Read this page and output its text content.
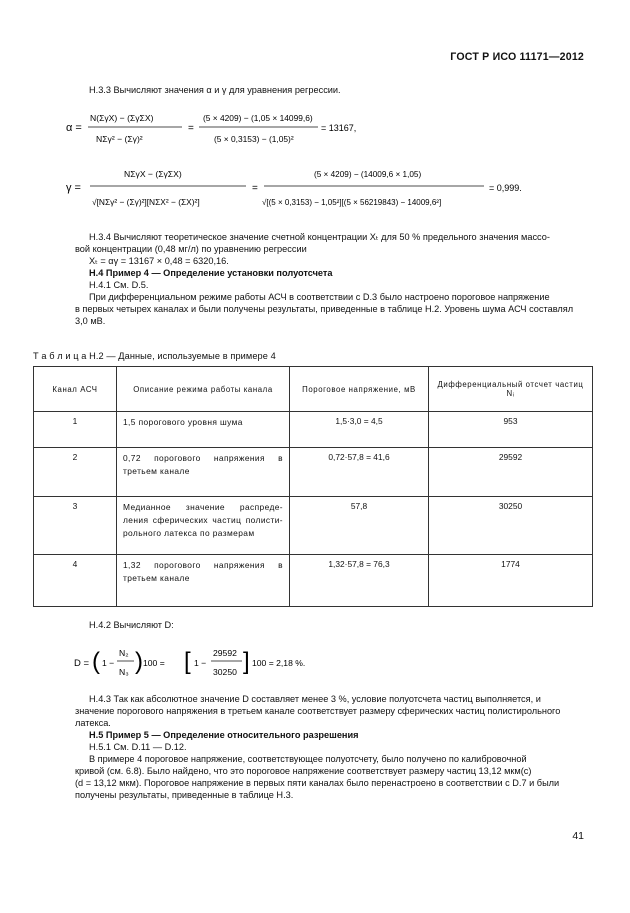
ГОСТ Р ИСО 11171—2012
H.3.3 Вычисляют значения α и γ для уравнения регрессии.
α =
N(ΣγX) − (ΣγΣX)
NΣγ² − (Σγ)²
=
(5 × 4209) − (1,05 × 14099,6)
(5 × 0,3153) − (1,05)²
= 13167,
γ =
NΣγX − (ΣγΣX)
√[NΣγ² − (Σγ)²][NΣX² − (ΣX)²]
=
(5 × 4209) − (14009,6 × 1,05)
√[(5 × 0,3153) − 1,05²][(5 × 56219843) − 14009,6²]
= 0,999.
H.3.4 Вычисляют теоретическое значение счетной концентрации Xₜ для 50 % предельного значения массо-
вой концентрации (0,48 мг/л) по уравнению регрессии
Xₜ = αγ = 13167 × 0,48 = 6320,16.
H.4 Пример 4 — Определение установки полуотсчета
H.4.1 См. D.5.
При дифференциальном режиме работы АСЧ в соответствии с D.3 было настроено пороговое напряжение
в первых четырех каналах и были получены результаты, приведенные в таблице H.2. Уровень шума АСЧ составлял
3,0 мВ.
Т а б л и ц а H.2 — Данные, используемые в примере 4
Канал АСЧ	Описание режима работы канала	Пороговое напряжение, мВ	Дифференциальный отсчет частиц Nᵢ
1	1,5 порогового уровня шума	1,5·3,0 = 4,5	953
2	0,72 порогового напряжения в третьем канале	0,72·57,8 = 41,6	29592
3	Медианное значение распреде-ления сферических частиц полисти-рольного латекса по размерам	57,8	30250
4	1,32 порогового напряжения в третьем канале	1,32·57,8 = 76,3	1774
H.4.2 Вычисляют D:
D = ( 1 −
N₂
N₃ ) 100 = [ 1 −
29592
30250 ] 100 = 2,18 %.
H.4.3 Так как абсолютное значение D составляет менее 3 %, условие полуотсчета частиц выполняется, и
значение порогового напряжения в третьем канале соответствует размеру сферических частиц полистирольного
латекса.
H.5 Пример 5 — Определение относительного разрешения
H.5.1 См. D.11 — D.12.
В примере 4 пороговое напряжение, соответствующее полуотсчету, было получено по калибровочной
кривой (см. 6.8). Было найдено, что это пороговое напряжение соответствует размеру частиц 13,12 мкм(с)
(d = 13,12 мкм). Пороговое напряжение в первых пяти каналах было перенастроено в соответствии с D.7 и были
получены результаты, приведенные в таблице H.3.
41
